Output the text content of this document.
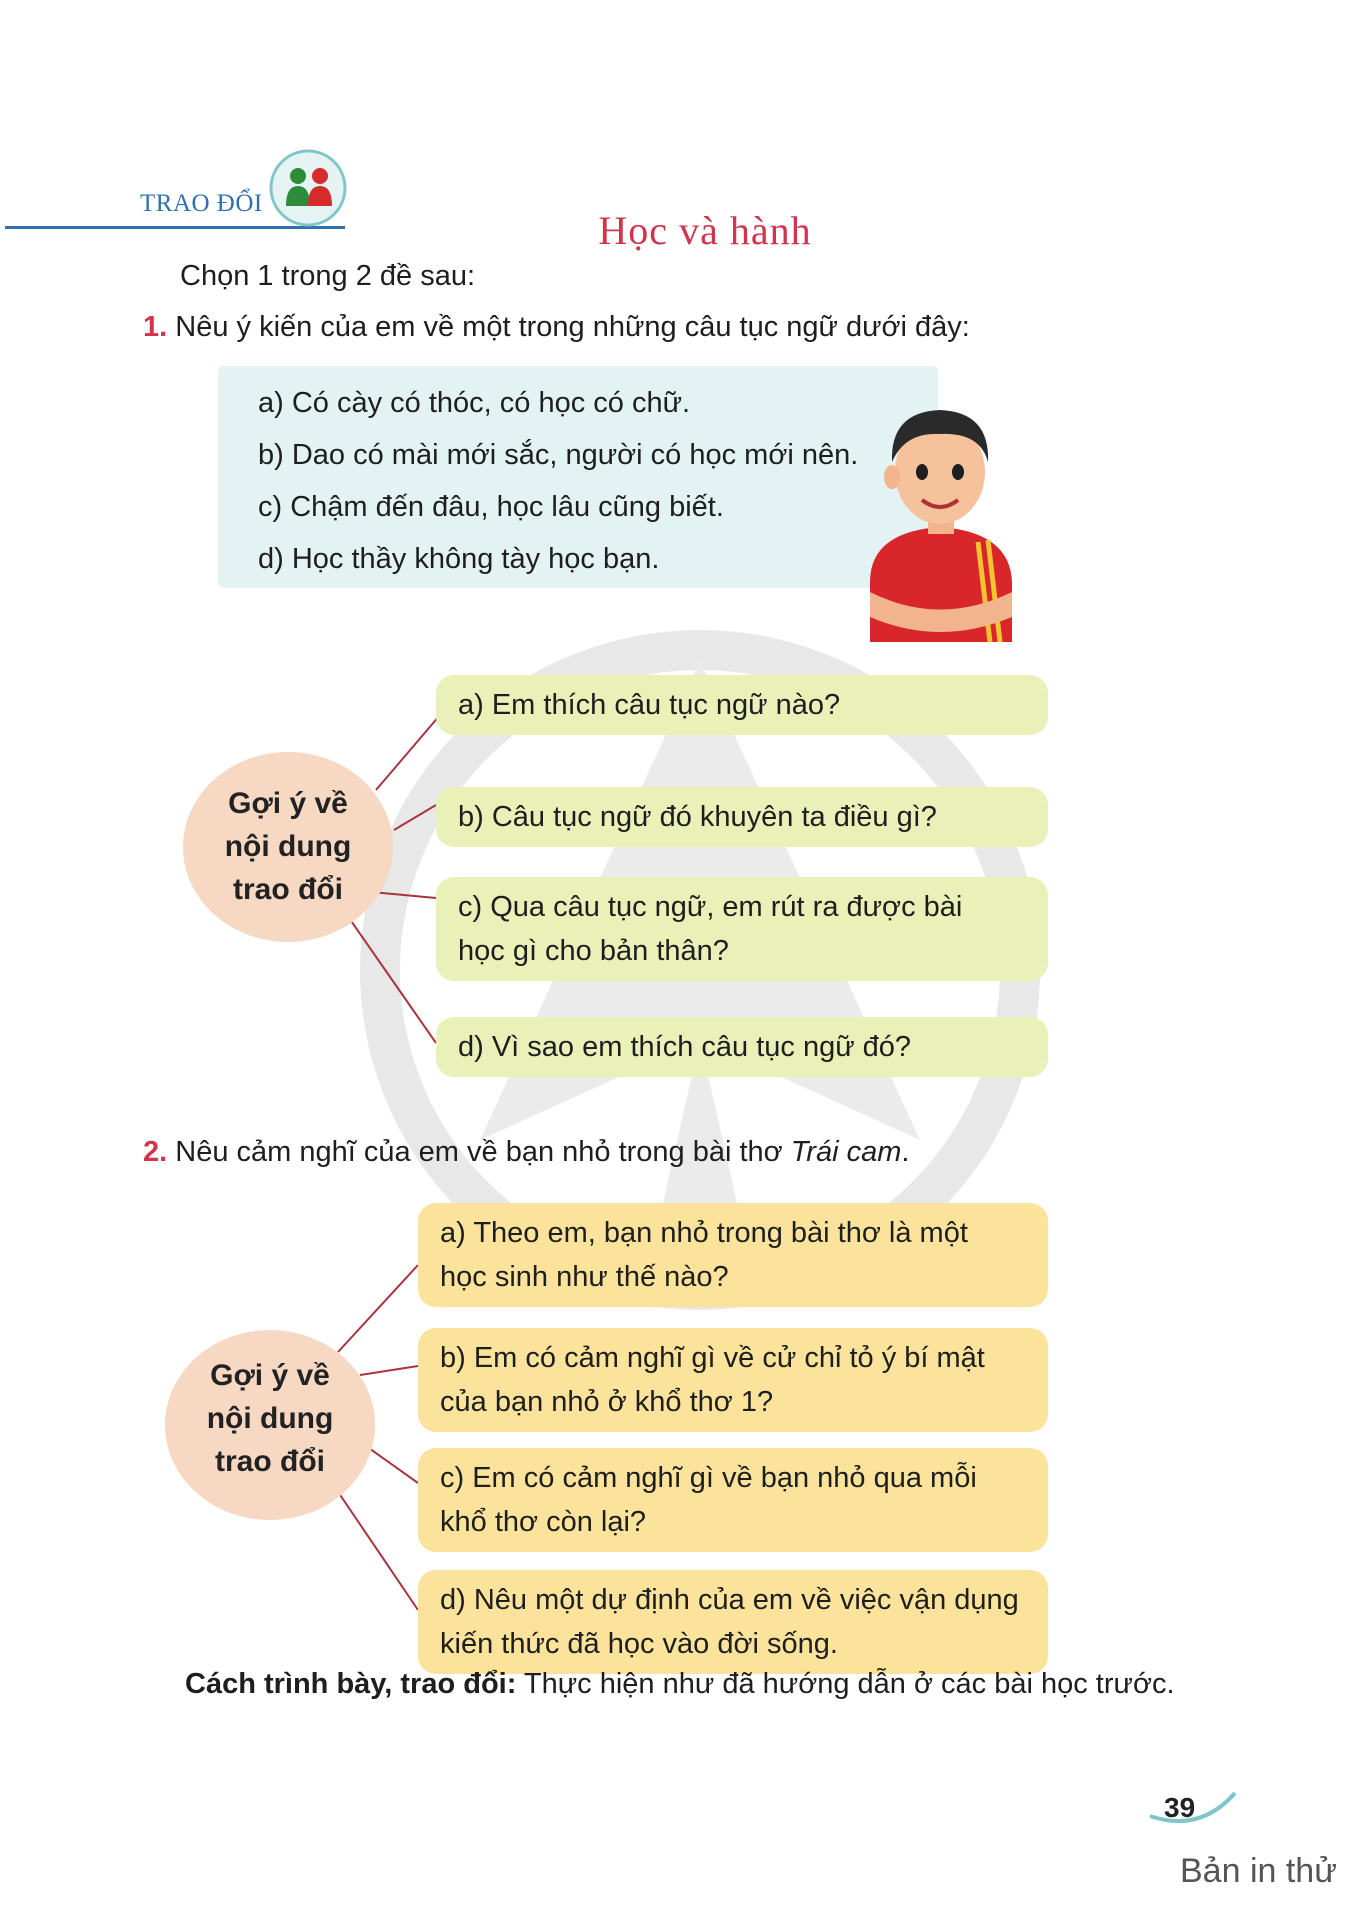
TRAO ĐỔI
Học và hành
Chọn 1 trong 2 đề sau:
1. Nêu ý kiến của em về một trong những câu tục ngữ dưới đây:
a) Có cày có thóc, có học có chữ.
b) Dao có mài mới sắc, người có học mới nên.
c) Chậm đến đâu, học lâu cũng biết.
d) Học thầy không tày học bạn.
Gợi ý về
nội dung
trao đổi
a) Em thích câu tục ngữ nào?
b) Câu tục ngữ đó khuyên ta điều gì?
c) Qua câu tục ngữ, em rút ra được bài học gì cho bản thân?
d) Vì sao em thích câu tục ngữ đó?
2. Nêu cảm nghĩ của em về bạn nhỏ trong bài thơ Trái cam.
Gợi ý về
nội dung
trao đổi
a) Theo em, bạn nhỏ trong bài thơ là một học sinh như thế nào?
b) Em có cảm nghĩ gì về cử chỉ tỏ ý bí mật của bạn nhỏ ở khổ thơ 1?
c) Em có cảm nghĩ gì về bạn nhỏ qua mỗi khổ thơ còn lại?
d) Nêu một dự định của em về việc vận dụng kiến thức đã học vào đời sống.
Cách trình bày, trao đổi: Thực hiện như đã hướng dẫn ở các bài học trước.
39
Bản in thử
